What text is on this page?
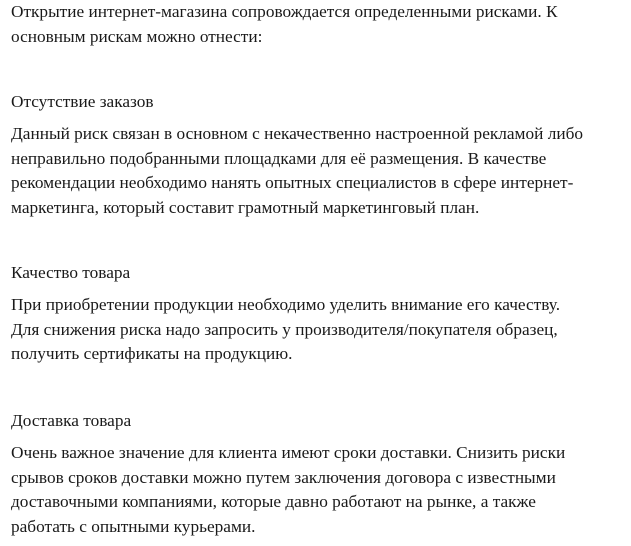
Открытие интернет-магазина сопровождается определенными рисками. К
основным рискам можно отнести:

Отсутствие заказов

Данный риск связан в основном с некачественно настроенной рекламой либо
неправильно подобранными площадками для её размещения. В качестве
рекомендации необходимо нанять опытных специалистов в сфере интернет-
маркетинга, который составит грамотный маркетинговый план.

Качество товара

При приобретении продукции необходимо уделить внимание его качеству.
Для снижения риска надо запросить у производителя/покупателя образец,
получить сертификаты на продукцию.

Доставка товара

Очень важное значение для клиента имеют сроки доставки. Снизить риски
срывов сроков доставки можно путем заключения договора с известными
доставочными компаниями, которые давно работают на рынке, а также
работать с опытными курьерами.
